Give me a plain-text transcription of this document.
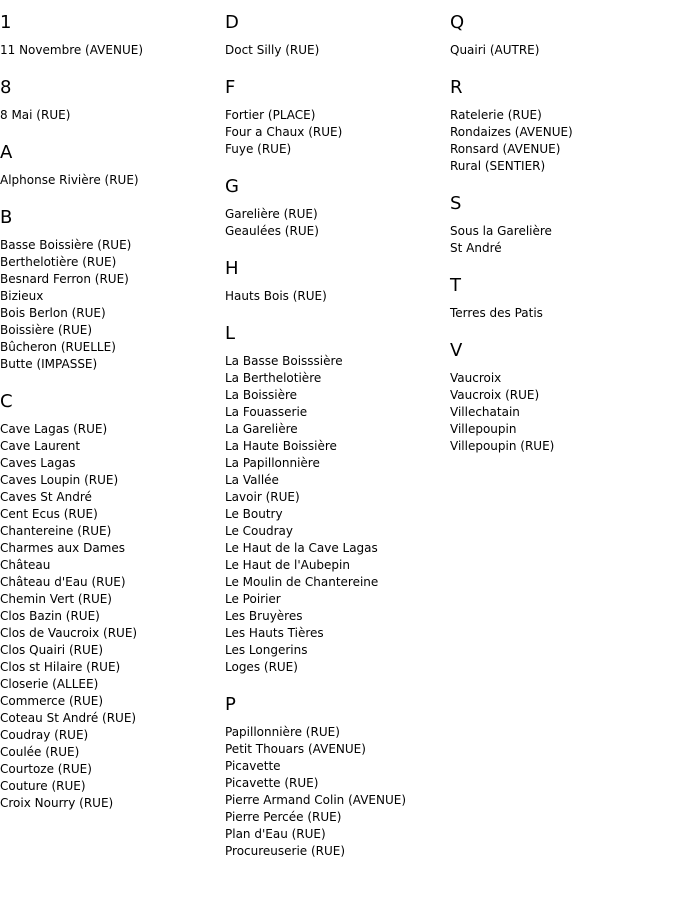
1
11 Novembre (AVENUE)
8
8 Mai (RUE)
A
Alphonse Rivière (RUE)
B
Basse Boissière (RUE)
Berthelotière (RUE)
Besnard Ferron (RUE)
Bizieux
Bois Berlon (RUE)
Boissière (RUE)
Bûcheron (RUELLE)
Butte (IMPASSE)
C
Cave Lagas (RUE)
Cave Laurent
Caves Lagas
Caves Loupin (RUE)
Caves St André
Cent Ecus (RUE)
Chantereine (RUE)
Charmes aux Dames
Château
Château d'Eau (RUE)
Chemin Vert (RUE)
Clos Bazin (RUE)
Clos de Vaucroix (RUE)
Clos Quairi (RUE)
Clos st Hilaire (RUE)
Closerie (ALLEE)
Commerce (RUE)
Coteau St André (RUE)
Coudray (RUE)
Coulée (RUE)
Courtoze (RUE)
Couture (RUE)
Croix Nourry (RUE)
D
Doct Silly (RUE)
F
Fortier (PLACE)
Four a Chaux (RUE)
Fuye (RUE)
G
Garelière (RUE)
Geaulées (RUE)
H
Hauts Bois (RUE)
L
La Basse Boisssière
La Berthelotière
La Boissière
La Fouasserie
La Garelière
La Haute Boissière
La Papillonnière
La Vallée
Lavoir (RUE)
Le Boutry
Le Coudray
Le Haut de la Cave Lagas
Le Haut de l'Aubepin
Le Moulin de Chantereine
Le Poirier
Les Bruyères
Les Hauts Tières
Les Longerins
Loges (RUE)
P
Papillonnière (RUE)
Petit Thouars (AVENUE)
Picavette
Picavette (RUE)
Pierre Armand Colin (AVENUE)
Pierre Percée (RUE)
Plan d'Eau (RUE)
Procureuserie (RUE)
Q
Quairi (AUTRE)
R
Ratelerie (RUE)
Rondaizes (AVENUE)
Ronsard (AVENUE)
Rural (SENTIER)
S
Sous la Garelière
St André
T
Terres des Patis
V
Vaucroix
Vaucroix (RUE)
Villechatain
Villepoupin
Villepoupin (RUE)
